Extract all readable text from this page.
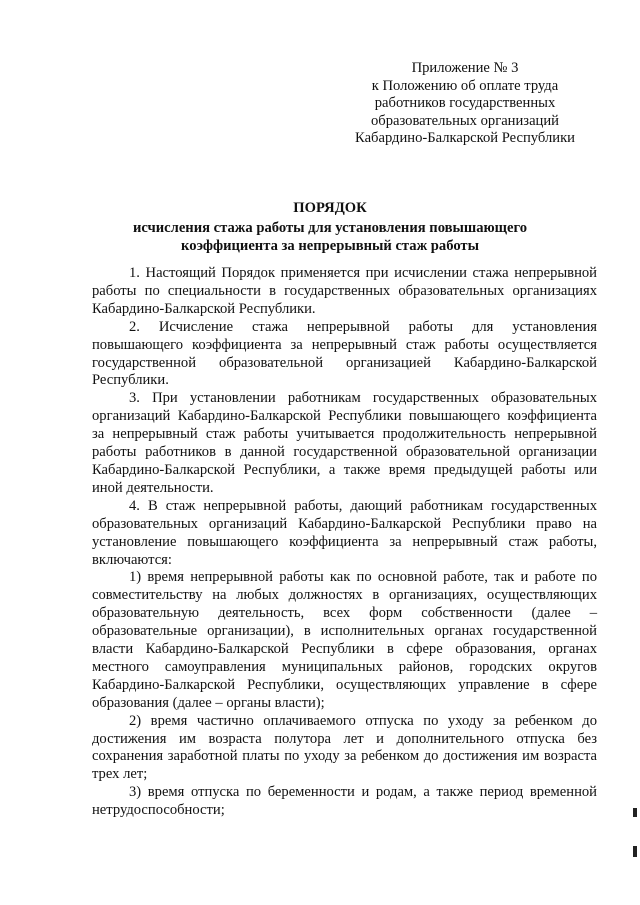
Приложение № 3
к Положению об оплате труда
работников государственных
образовательных организаций
Кабардино-Балкарской Республики
ПОРЯДОК
исчисления стажа работы для установления повышающего
коэффициента за непрерывный стаж работы

1. Настоящий Порядок применяется при исчислении стажа непрерывной работы по специальности в государственных образовательных организациях Кабардино-Балкарской Республики.

2. Исчисление стажа непрерывной работы для установления повышающего коэффициента за непрерывный стаж работы осуществляется государственной образовательной организацией Кабардино-Балкарской Республики.

3. При установлении работникам государственных образовательных организаций Кабардино-Балкарской Республики повышающего коэффициента за непрерывный стаж работы учитывается продолжительность непрерывной работы работников в данной государственной образовательной организации Кабардино-Балкарской Республики, а также время предыдущей работы или иной деятельности.

4. В стаж непрерывной работы, дающий работникам государственных образовательных организаций Кабардино-Балкарской Республики право на установление повышающего коэффициента за непрерывный стаж работы, включаются:

1) время непрерывной работы как по основной работе, так и работе по совместительству на любых должностях в организациях, осуществляющих образовательную деятельность, всех форм собственности (далее – образовательные организации), в исполнительных органах государственной власти Кабардино-Балкарской Республики в сфере образования, органах местного самоуправления муниципальных районов, городских округов Кабардино-Балкарской Республики, осуществляющих управление в сфере образования (далее – органы власти);

2) время частично оплачиваемого отпуска по уходу за ребенком до достижения им возраста полутора лет и дополнительного отпуска без сохранения заработной платы по уходу за ребенком до достижения им возраста трех лет;

3) время отпуска по беременности и родам, а также период временной нетрудоспособности;
